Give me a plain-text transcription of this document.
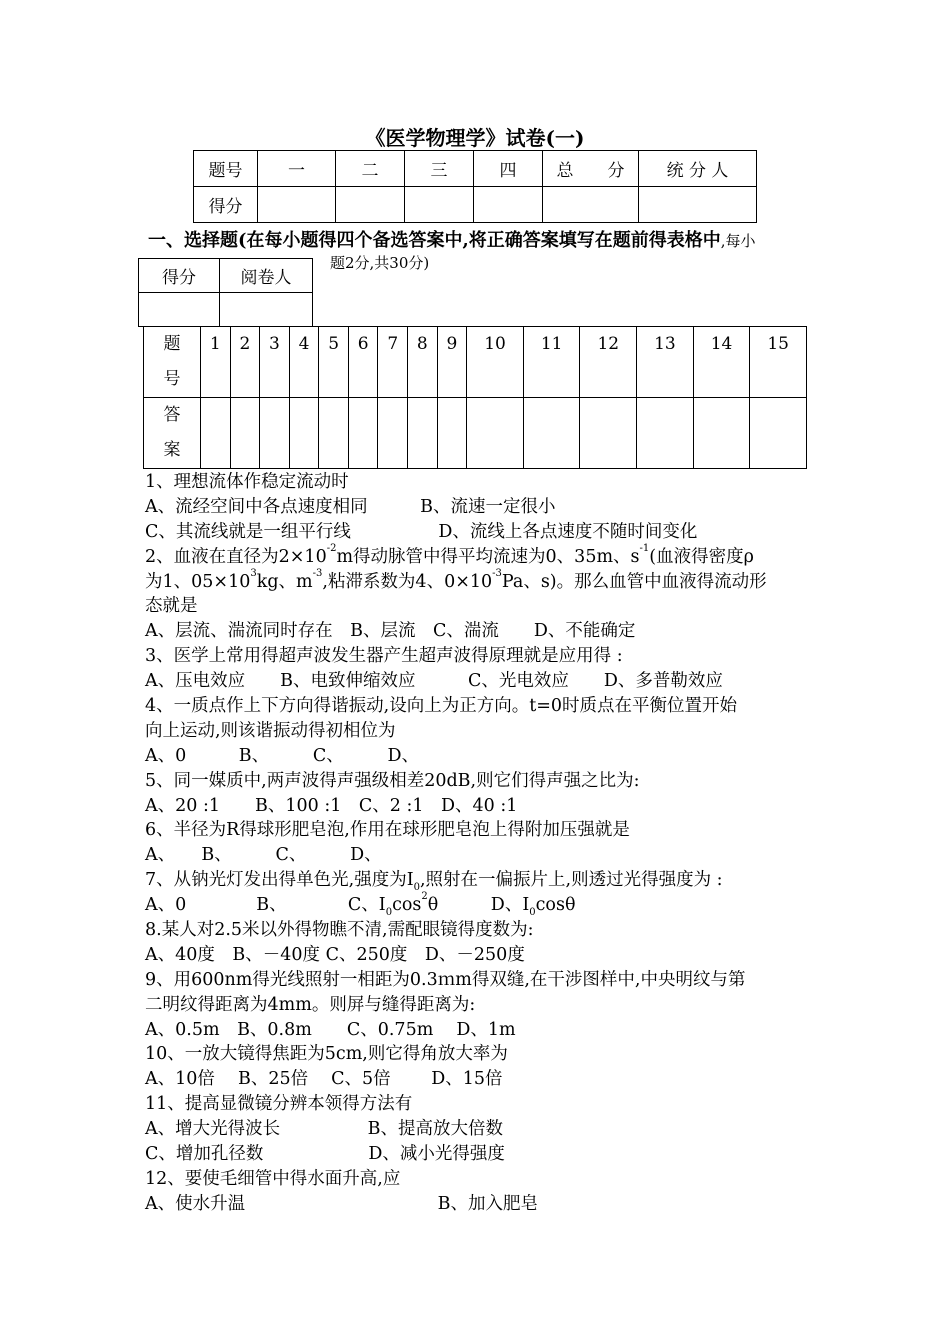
《医学物理学》试卷(一)
题号	一	二	三	四	总　　分	统 分 人
得分						
一、选择题(在每小题得四个备选答案中,将正确答案填写在题前得表格中,每小
题2分,共30分)
得分	阅卷人

题
号	1	2	3	4	5	6	7	8	9	10	11	12	13	14	15
答
案															
1、理想流体作稳定流动时
A、流经空间中各点速度相同　　　B、流速一定很小
C、其流线就是一组平行线　　　　　D、流线上各点速度不随时间变化
2、血液在直径为$2\times 10^{-2}m$得动脉管中得平均流速为0、35m、$s^{-1}$(血液得密度ρ
为1、$05\times 10^3kg$、$m^{-3}$,粘滞系数为4、$0\times 10^{-3}Pa$、s)。那么血管中血液得流动形
态就是
A、层流、湍流同时存在　B、层流　C、湍流　　D、不能确定
3、医学上常用得超声波发生器产生超声波得原理就是应用得 :
A、压电效应　　B、电致伸缩效应　　　C、光电效应　　D、多普勒效应
4、一质点作上下方向得谐振动,设向上为正方向。t=0时质点在平衡位置开始
向上运动,则该谐振动得初相位为
A、0　　　B、　　　C、　　　D、
5、同一媒质中,两声波得声强级相差20dB,则它们得声强之比为:
A、20 :1　　B、100 :1　C、2 :1　D、40 :1
6、半径为R得球形肥皂泡,作用在球形肥皂泡上得附加压强就是
A、　　B、　　　C、　　　D、
7、从钠光灯发出得单色光,强度为I0,照射在一偏振片上,则透过光得强度为 :
A、0　　　　B、　　　　C、$I0\cos^2\theta$　　　D、I0cosθ
8.某人对2.5米以外得物瞧不清,需配眼镜得度数为:
A、40度　B、－40度 C、250度　D、－250度
9、用600nm得光线照射一相距为0.3ｍm得双缝,在干涉图样中,中央明纹与第
二明纹得距离为4mm。则屏与缝得距离为:
A、0.5m　B、0.8m　　C、0.75m　 D、1m
10、一放大镜得焦距为5cm,则它得角放大率为
A、10倍　 B、25倍　 C、5倍　　 D、15倍
11、提高显微镜分辨本领得方法有
A、增大光得波长　　　　　B、提高放大倍数
C、增加孔径数　　　　　　D、减小光得强度
12、要使毛细管中得水面升高,应
A、使水升温　　　　　　　　　　　B、加入肥皂
